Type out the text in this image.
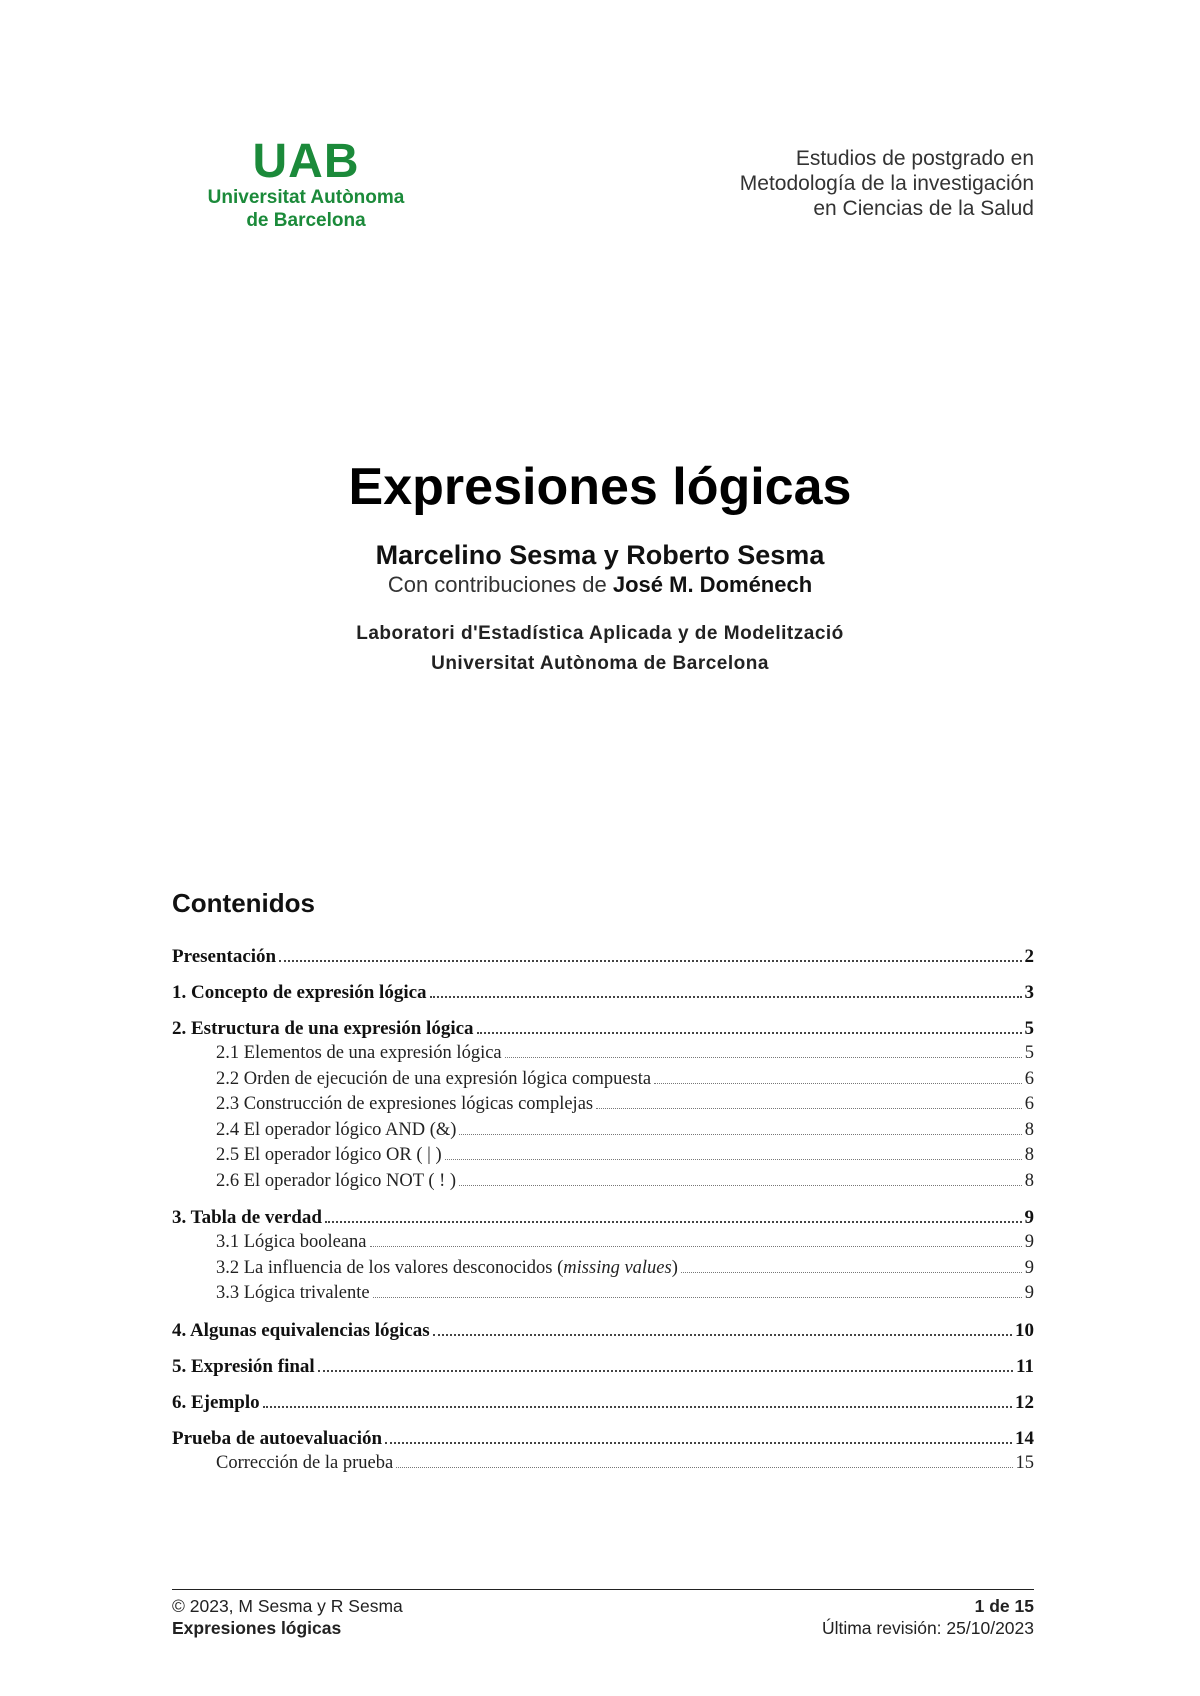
UAB
Universitat Autònoma
de Barcelona
Estudios de postgrado en
Metodología de la investigación
en Ciencias de la Salud
Expresiones lógicas
Marcelino Sesma y Roberto Sesma
Con contribuciones de José M. Doménech
Laboratori d'Estadística Aplicada y de Modelització
Universitat Autònoma de Barcelona
Contenidos
Presentación	2
1. Concepto de expresión lógica	3
2. Estructura de una expresión lógica	5
2.1 Elementos de una expresión lógica	5
2.2 Orden de ejecución de una expresión lógica compuesta	6
2.3 Construcción de expresiones lógicas complejas	6
2.4 El operador lógico AND (&)	8
2.5 El operador lógico OR ( | )	8
2.6 El operador lógico NOT ( ! )	8
3. Tabla de verdad	9
3.1 Lógica booleana	9
3.2 La influencia de los valores desconocidos (missing values)	9
3.3 Lógica trivalente	9
4. Algunas equivalencias lógicas	10
5. Expresión final	11
6. Ejemplo	12
Prueba de autoevaluación	14
Corrección de la prueba	15
© 2023, M Sesma y R Sesma	1 de 15
Expresiones lógicas	Última revisión: 25/10/2023
